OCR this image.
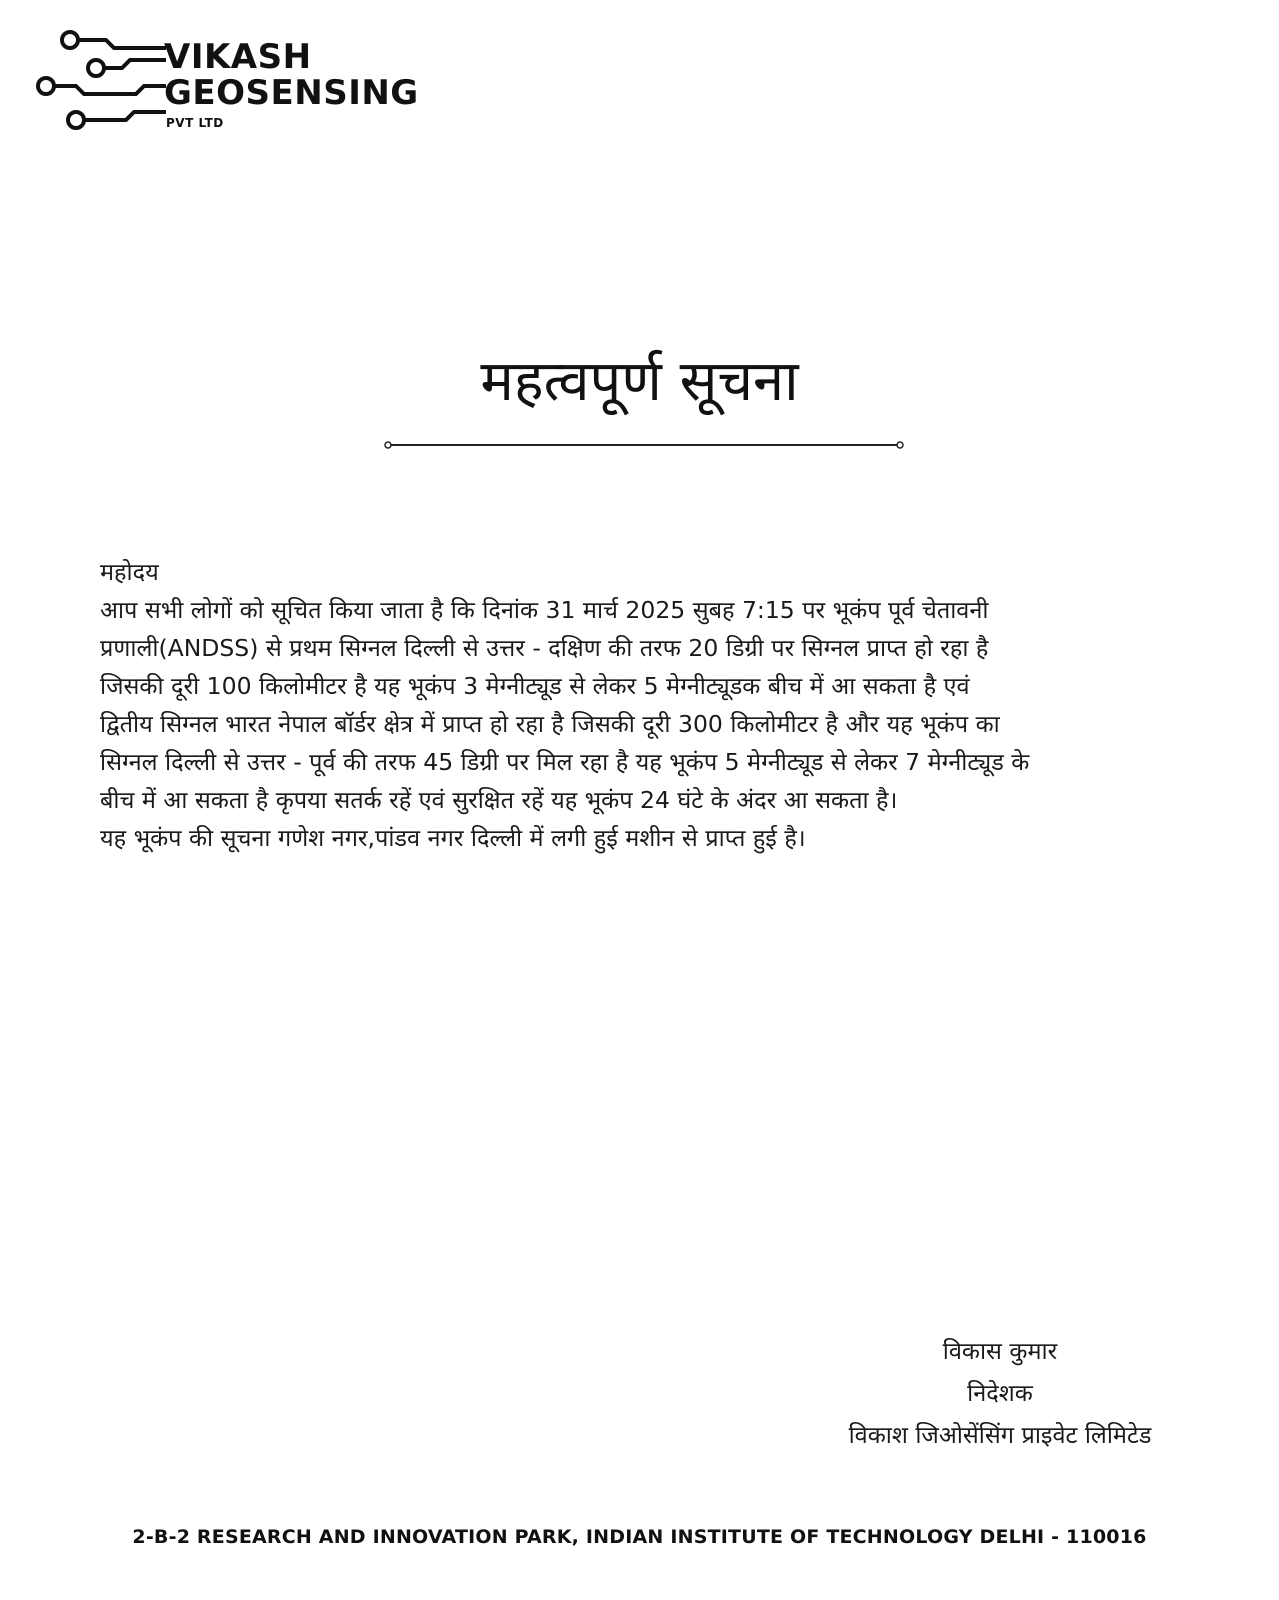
VIKASH
GEOSENSING
PVT LTD
महत्वपूर्ण सूचना

महोदय

आप सभी लोगों को सूचित किया जाता है कि दिनांक 31 मार्च 2025 सुबह 7:15 पर भूकंप पूर्व चेतावनी

प्रणाली(ANDSS) से प्रथम सिग्नल दिल्ली से उत्तर - दक्षिण की तरफ 20 डिग्री पर सिग्नल प्राप्त हो रहा है

जिसकी दूरी 100 किलोमीटर है यह भूकंप 3 मेग्नीट्यूड से लेकर 5 मेग्नीट्यूडक बीच में आ सकता है एवं

द्वितीय सिग्नल भारत नेपाल बॉर्डर क्षेत्र में प्राप्त हो रहा है जिसकी दूरी 300 किलोमीटर है और यह भूकंप का

सिग्नल दिल्ली से उत्तर - पूर्व की तरफ 45 डिग्री पर मिल रहा है यह भूकंप 5 मेग्नीट्यूड से लेकर 7 मेग्नीट्यूड के

बीच में आ सकता है कृपया सतर्क रहें एवं सुरक्षित रहें यह भूकंप 24 घंटे के अंदर आ सकता है।

यह भूकंप की सूचना गणेश नगर,पांडव नगर दिल्ली में लगी हुई मशीन से प्राप्त हुई है।

विकास कुमार
निदेशक
विकाश जिओसेंसिंग प्राइवेट लिमिटेड
2-B-2 RESEARCH AND INNOVATION PARK, INDIAN INSTITUTE OF TECHNOLOGY DELHI - 110016
